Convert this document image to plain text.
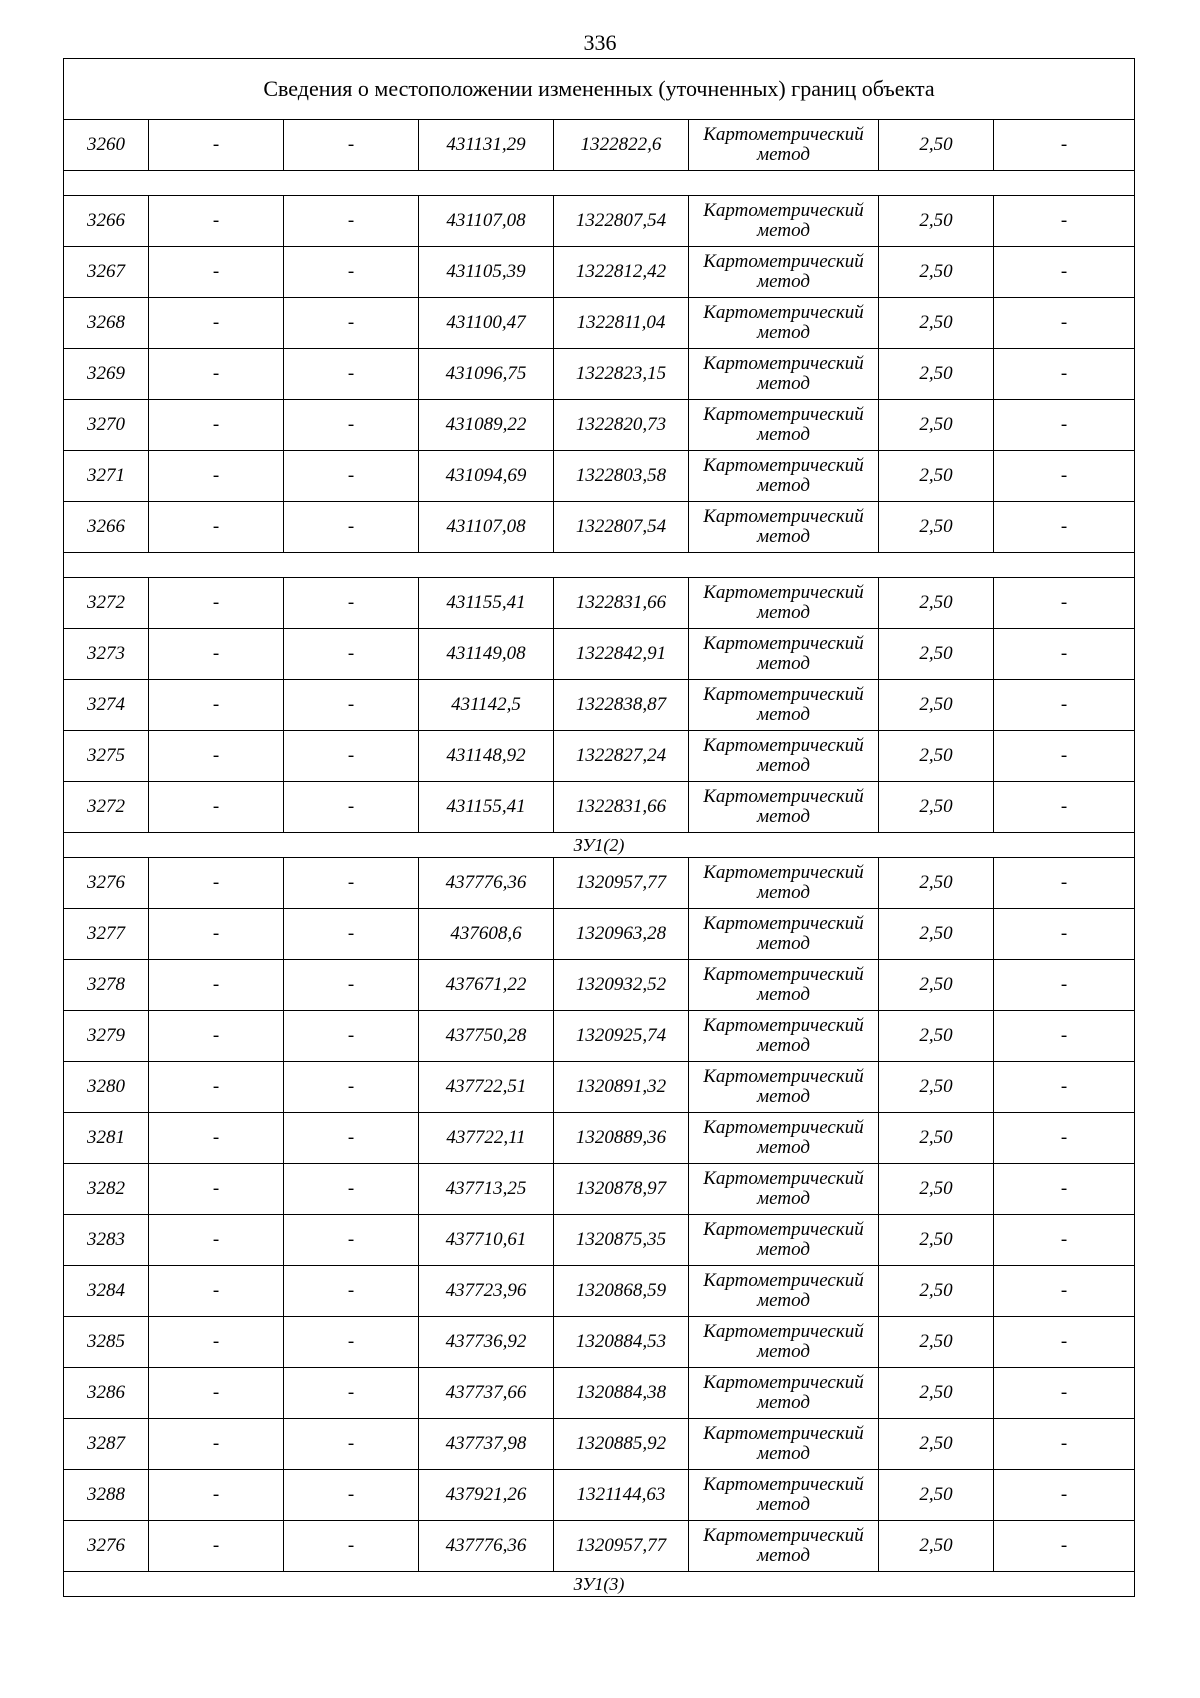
336
Сведения о местоположении измененных (уточненных) границ объекта							
3260	-	-	431131,29	1322822,6	Картометрический метод	2,50	-

3266	-	-	431107,08	1322807,54	Картометрический метод	2,50	-
3267	-	-	431105,39	1322812,42	Картометрический метод	2,50	-
3268	-	-	431100,47	1322811,04	Картометрический метод	2,50	-
3269	-	-	431096,75	1322823,15	Картометрический метод	2,50	-
3270	-	-	431089,22	1322820,73	Картометрический метод	2,50	-
3271	-	-	431094,69	1322803,58	Картометрический метод	2,50	-
3266	-	-	431107,08	1322807,54	Картометрический метод	2,50	-

3272	-	-	431155,41	1322831,66	Картометрический метод	2,50	-
3273	-	-	431149,08	1322842,91	Картометрический метод	2,50	-
3274	-	-	431142,5	1322838,87	Картометрический метод	2,50	-
3275	-	-	431148,92	1322827,24	Картометрический метод	2,50	-
3272	-	-	431155,41	1322831,66	Картометрический метод	2,50	-
ЗУ1(2)							
3276	-	-	437776,36	1320957,77	Картометрический метод	2,50	-
3277	-	-	437608,6	1320963,28	Картометрический метод	2,50	-
3278	-	-	437671,22	1320932,52	Картометрический метод	2,50	-
3279	-	-	437750,28	1320925,74	Картометрический метод	2,50	-
3280	-	-	437722,51	1320891,32	Картометрический метод	2,50	-
3281	-	-	437722,11	1320889,36	Картометрический метод	2,50	-
3282	-	-	437713,25	1320878,97	Картометрический метод	2,50	-
3283	-	-	437710,61	1320875,35	Картометрический метод	2,50	-
3284	-	-	437723,96	1320868,59	Картометрический метод	2,50	-
3285	-	-	437736,92	1320884,53	Картометрический метод	2,50	-
3286	-	-	437737,66	1320884,38	Картометрический метод	2,50	-
3287	-	-	437737,98	1320885,92	Картометрический метод	2,50	-
3288	-	-	437921,26	1321144,63	Картометрический метод	2,50	-
3276	-	-	437776,36	1320957,77	Картометрический метод	2,50	-
ЗУ1(3)							
